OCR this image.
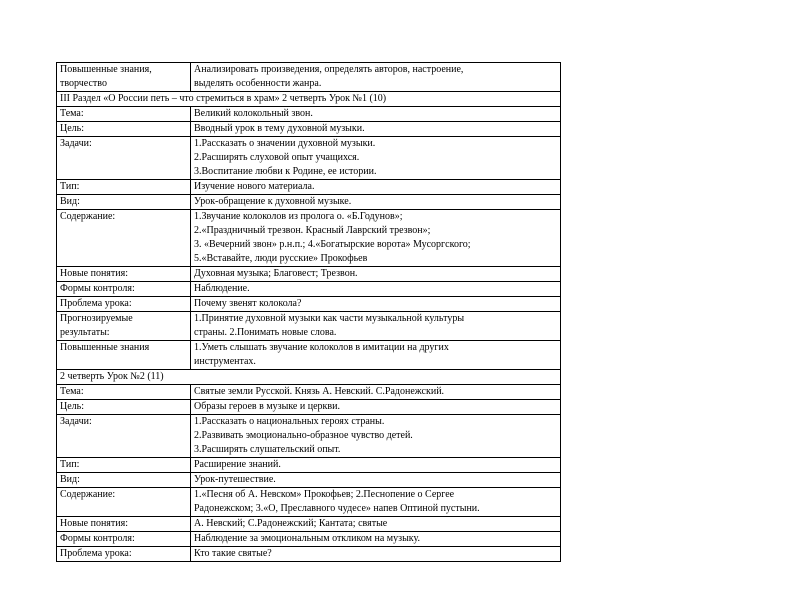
Повышенные знания,
творчество	Анализировать произведения, определять авторов, настроение,
выделять особенности жанра.

III Раздел «О России петь – что стремиться в храм» 2 четверть Урок №1 (10)	

Тема:	Великий колокольный звон.

Цель:	Вводный урок в тему духовной музыки.

Задачи:	1.Рассказать о значении духовной музыки.
2.Расширять слуховой опыт учащихся.
3.Воспитание любви к Родине, ее истории.

Тип:	Изучение нового материала.

Вид:	Урок-обращение к духовной музыке.

Содержание:	1.Звучание колоколов из пролога о. «Б.Годунов»;
2.«Праздничный трезвон. Красный Лаврский трезвон»;
3. «Вечерний звон» р.н.п.; 4.«Богатырские ворота» Мусоргского;
5.«Вставайте, люди русские» Прокофьев

Новые понятия:	Духовная музыка; Благовест; Трезвон.

Формы контроля:	Наблюдение.

Проблема урока:	Почему звенят колокола?

Прогнозируемые
результаты:	1.Принятие духовной музыки как части музыкальной культуры
страны. 2.Понимать новые слова.

Повышенные знания	1.Уметь слышать звучание колоколов в имитации на других
инструментах.

2 четверть Урок №2 (11)	

Тема:	Святые земли Русской. Князь А. Невский. С.Радонежский.

Цель:	Образы героев в музыке и церкви.

Задачи:	1.Рассказать о национальных героях страны.
2.Развивать эмоционально-образное чувство детей.
3.Расширять слушательский опыт.

Тип:	Расширение знаний.

Вид:	Урок-путешествие.

Содержание:	1.«Песня об А. Невском» Прокофьев; 2.Песнопение о Сергее
Радонежском; 3.«О, Преславного чудесе» напев Оптиной пустыни.

Новые понятия:	А. Невский; С.Радонежский; Кантата; святые

Формы контроля:	Наблюдение за эмоциональным откликом на музыку.

Проблема урока:	Кто такие святые?
